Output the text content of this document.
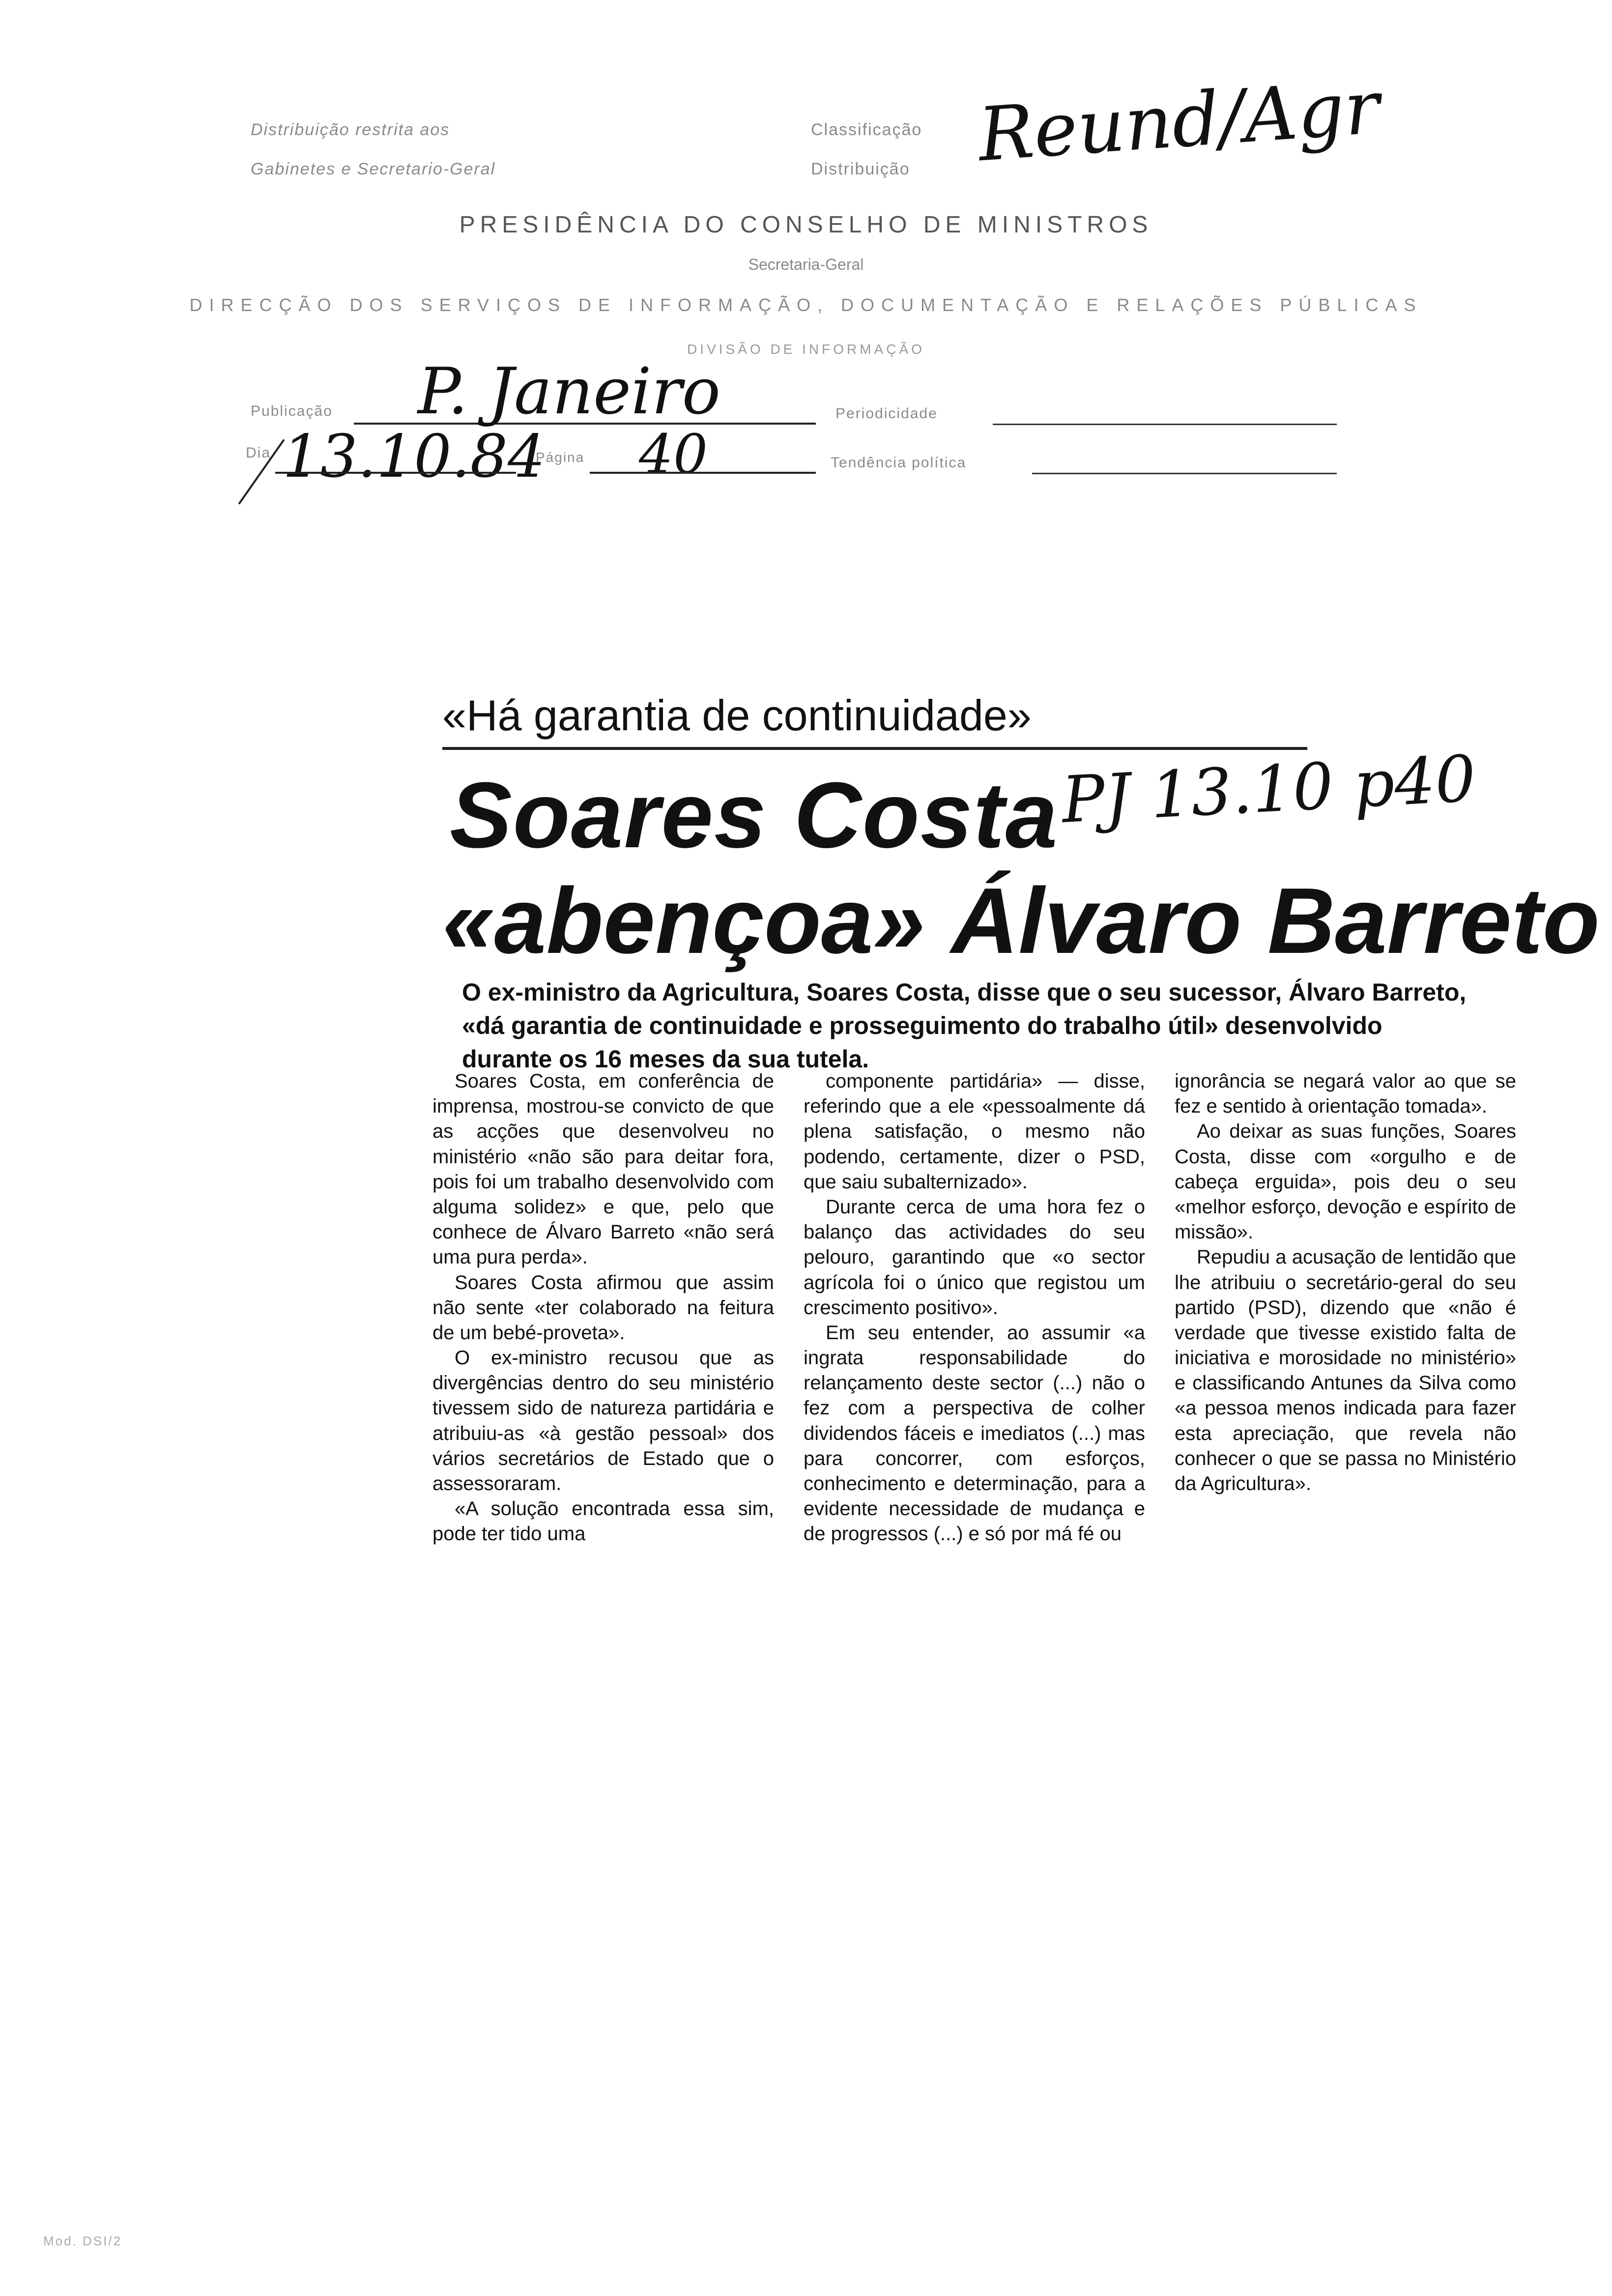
Distribuição restrita aos
Gabinetes e Secretario-Geral
Classificação
Distribuição Reund/Agr
PRESIDÊNCIA DO CONSELHO DE MINISTROS
Secretaria-Geral
DIRECÇÃO DOS SERVIÇOS DE INFORMAÇÃO, DOCUMENTAÇÃO E RELAÇÕES PÚBLICAS
DIVISÃO DE INFORMAÇÃO
Publicação P. Janeiro	Periodicidade
Dia 13.10.84
Página 40	Tendência política
«Há garantia de continuidade»
Soares Costa PJ 13.10 p40
«abençoa» Álvaro Barreto
O ex-ministro da Agricultura, Soares Costa, disse que o seu sucessor, Álvaro Barreto, «dá garantia de continuidade e prosseguimento do trabalho útil» desenvolvido durante os 16 meses da sua tutela.

Soares Costa, em conferência de imprensa, mostrou-se convicto de que as acções que desenvolveu no ministério «não são para deitar fora, pois foi um trabalho desenvolvido com alguma solidez» e que, pelo que conhece de Álvaro Barreto «não será uma pura perda».

Soares Costa afirmou que assim não sente «ter colaborado na feitura de um bebé-proveta».

O ex-ministro recusou que as divergências dentro do seu ministério tivessem sido de natureza partidária e atribuiu-as «à gestão pessoal» dos vários secretários de Estado que o assessoraram.

«A solução encontrada essa sim, pode ter tido uma

componente partidária» — disse, referindo que a ele «pessoalmente dá plena satisfação, o mesmo não podendo, certamente, dizer o PSD, que saiu subalternizado».

Durante cerca de uma hora fez o balanço das actividades do seu pelouro, garantindo que «o sector agrícola foi o único que registou um crescimento positivo».

Em seu entender, ao assumir «a ingrata responsabilidade do relançamento deste sector (...) não o fez com a perspectiva de colher dividendos fáceis e imediatos (...) mas para concorrer, com esforços, conhecimento e determinação, para a evidente necessidade de mudança e de progressos (...) e só por má fé ou

ignorância se negará valor ao que se fez e sentido à orientação tomada».

Ao deixar as suas funções, Soares Costa, disse com «orgulho e de cabeça erguida», pois deu o seu «melhor esforço, devoção e espírito de missão».

Repudiu a acusação de lentidão que lhe atribuiu o secretário-geral do seu partido (PSD), dizendo que «não é verdade que tivesse existido falta de iniciativa e morosidade no ministério» e classificando Antunes da Silva como «a pessoa menos indicada para fazer esta apreciação, que revela não conhecer o que se passa no Ministério da Agricultura».

Mod. DSI/2
